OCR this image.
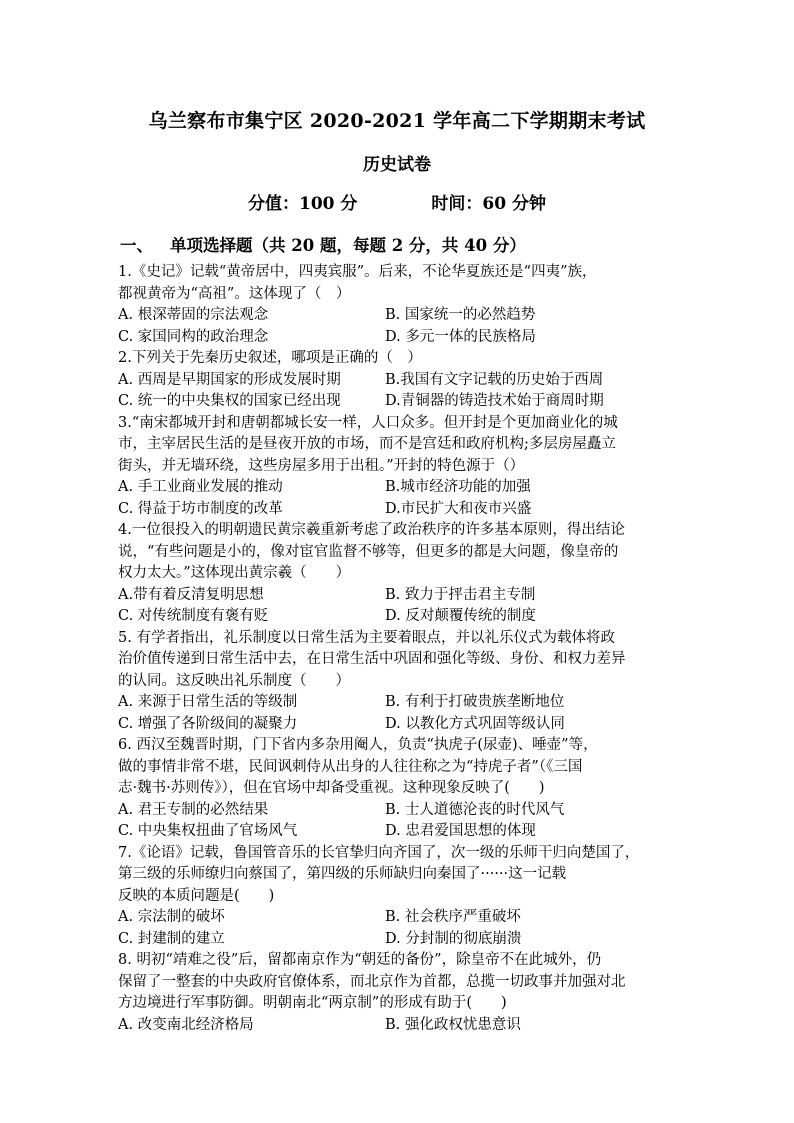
乌兰察布市集宁区 2020-2021 学年高二下学期期末考试
历史试卷
分值：100 分	时间：60 分钟
一、 单项选择题（共 20 题，每题 2 分，共 40 分）
1.《史记》记载“黄帝居中，四夷宾服”。后来，不论华夏族还是“四夷”族，
都视黄帝为“高祖”。这体现了（　）
A. 根深蒂固的宗法观念	B. 国家统一的必然趋势
C. 家国同构的政治理念	D. 多元一体的民族格局
2.下列关于先秦历史叙述，哪项是正确的（　）
A. 西周是早期国家的形成发展时期	B.我国有文字记载的历史始于西周
C. 统一的中央集权的国家已经出现	D.青铜器的铸造技术始于商周时期
3.“南宋都城开封和唐朝都城长安一样，人口众多。但开封是个更加商业化的城
市，主宰居民生活的是昼夜开放的市场，而不是宫廷和政府机构;多层房屋矗立
街头，并无墙环绕，这些房屋多用于出租。”开封的特色源于（）
A. 手工业商业发展的推动	B.城市经济功能的加强
C. 得益于坊市制度的改革	D.市民扩大和夜市兴盛
4.一位很投入的明朝遗民黄宗羲重新考虑了政治秩序的许多基本原则，得出结论
说，“有些问题是小的，像对宦官监督不够等，但更多的都是大问题，像皇帝的
权力太大。”这体现出黄宗羲（　　）
A.带有着反清复明思想	B. 致力于抨击君主专制
C. 对传统制度有褒有贬	D. 反对颠覆传统的制度
5. 有学者指出，礼乐制度以日常生活为主要着眼点，并以礼乐仪式为载体将政
治价值传递到日常生活中去，在日常生活中巩固和强化等级、身份、和权力差异
的认同。这反映出礼乐制度（　　）
A. 来源于日常生活的等级制	B. 有利于打破贵族垄断地位
C. 增强了各阶级间的凝聚力	D. 以教化方式巩固等级认同
6. 西汉至魏晋时期，门下省内多杂用阉人，负责“执虎子(尿壶)、唾壶”等，
做的事情非常不堪，民间讽刺侍从出身的人往往称之为“持虎子者”（《三国
志·魏书·苏则传》），但在官场中却备受重视。这种现象反映了(　　)
A. 君王专制的必然结果	B. 士人道德沦丧的时代风气
C. 中央集权扭曲了官场风气	D. 忠君爱国思想的体现
7.《论语》记载，鲁国管音乐的长官挚归向齐国了，次一级的乐师干归向楚国了，
第三级的乐师缭归向蔡国了，第四级的乐师缺归向秦国了······这一记载
反映的本质问题是(　　)
A. 宗法制的破坏	B. 社会秩序严重破坏
C. 封建制的建立	D. 分封制的彻底崩溃
8. 明初“靖难之役”后，留都南京作为“朝廷的备份”，除皇帝不在此城外，仍
保留了一整套的中央政府官僚体系，而北京作为首都，总揽一切政事并加强对北
方边境进行军事防御。明朝南北“两京制”的形成有助于(　　)
A. 改变南北经济格局	B. 强化政权忧患意识
